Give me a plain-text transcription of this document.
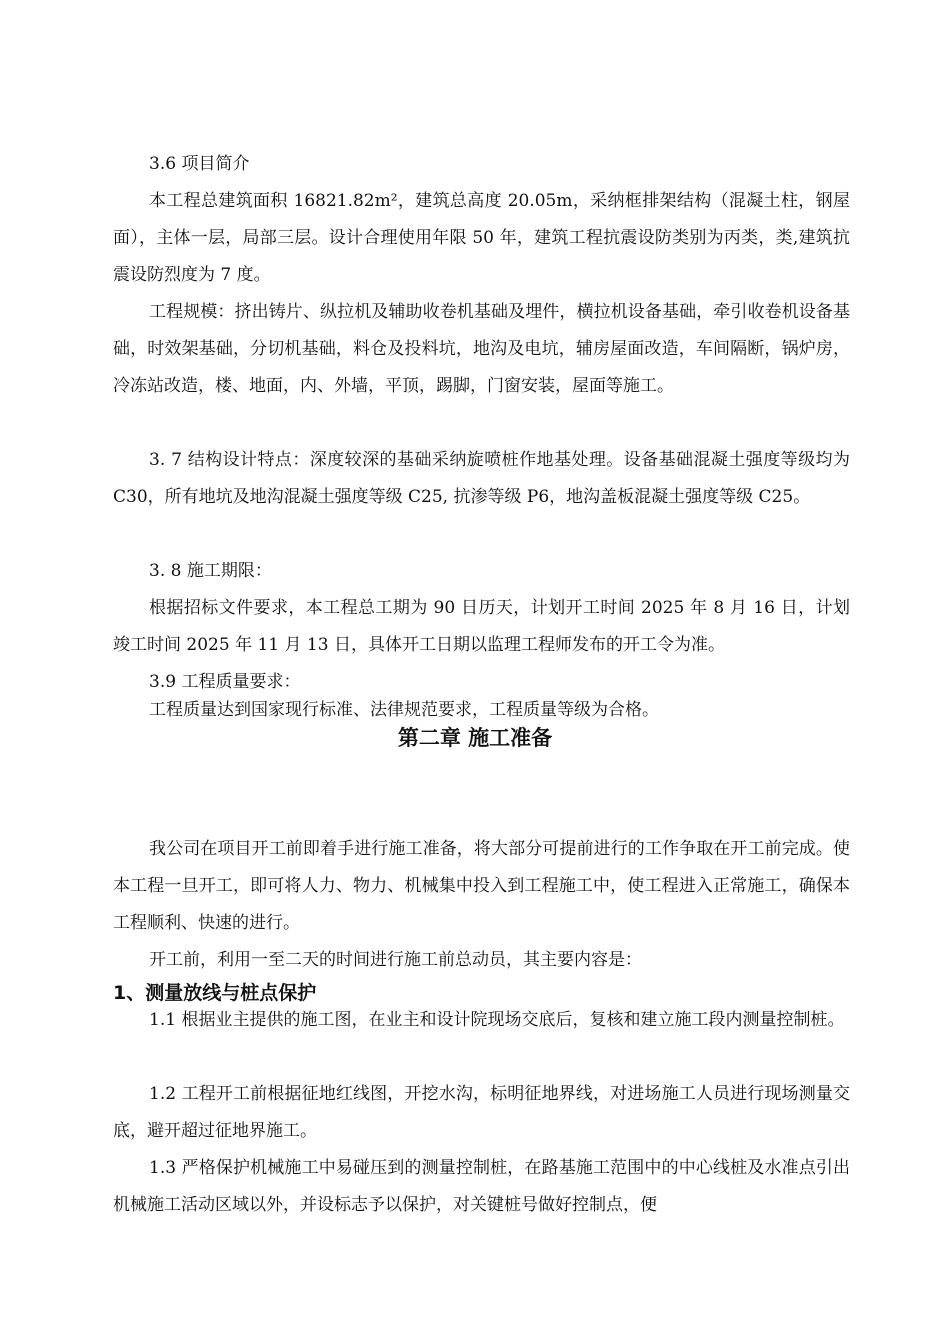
3.6 项目简介

本工程总建筑面积 16821.82m²，建筑总高度 20.05m，采纳框排架结构（混凝土柱，钢屋面），主体一层，局部三层。设计合理使用年限 50 年，建筑工程抗震设防类别为丙类，类,建筑抗震设防烈度为 7 度。

工程规模：挤出铸片、纵拉机及辅助收卷机基础及埋件，横拉机设备基础，牵引收卷机设备基础，时效架基础，分切机基础，料仓及投料坑，地沟及电坑，辅房屋面改造，车间隔断，锅炉房，冷冻站改造，楼、地面，内、外墙，平顶，踢脚，门窗安装，屋面等施工。

3. 7 结构设计特点：深度较深的基础采纳旋喷桩作地基处理。设备基础混凝土强度等级均为 C30，所有地坑及地沟混凝土强度等级 C25, 抗渗等级 P6，地沟盖板混凝土强度等级 C25。

3. 8 施工期限：

根据招标文件要求，本工程总工期为 90 日历天，计划开工时间 2025 年 8 月 16 日，计划竣工时间 2025 年 11 月 13 日，具体开工日期以监理工程师发布的开工令为准。

3.9 工程质量要求：

工程质量达到国家现行标准、法律规范要求，工程质量等级为合格。

第二章 施工准备

我公司在项目开工前即着手进行施工准备，将大部分可提前进行的工作争取在开工前完成。使本工程一旦开工，即可将人力、物力、机械集中投入到工程施工中，使工程进入正常施工，确保本工程顺利、快速的进行。

开工前，利用一至二天的时间进行施工前总动员，其主要内容是：

1、测量放线与桩点保护

1.1 根据业主提供的施工图，在业主和设计院现场交底后，复核和建立施工段内测量控制桩。

1.2 工程开工前根据征地红线图，开挖水沟，标明征地界线，对进场施工人员进行现场测量交底，避开超过征地界施工。

1.3 严格保护机械施工中易碰压到的测量控制桩，在路基施工范围中的中心线桩及水准点引出机械施工活动区域以外，并设标志予以保护，对关键桩号做好控制点，便
